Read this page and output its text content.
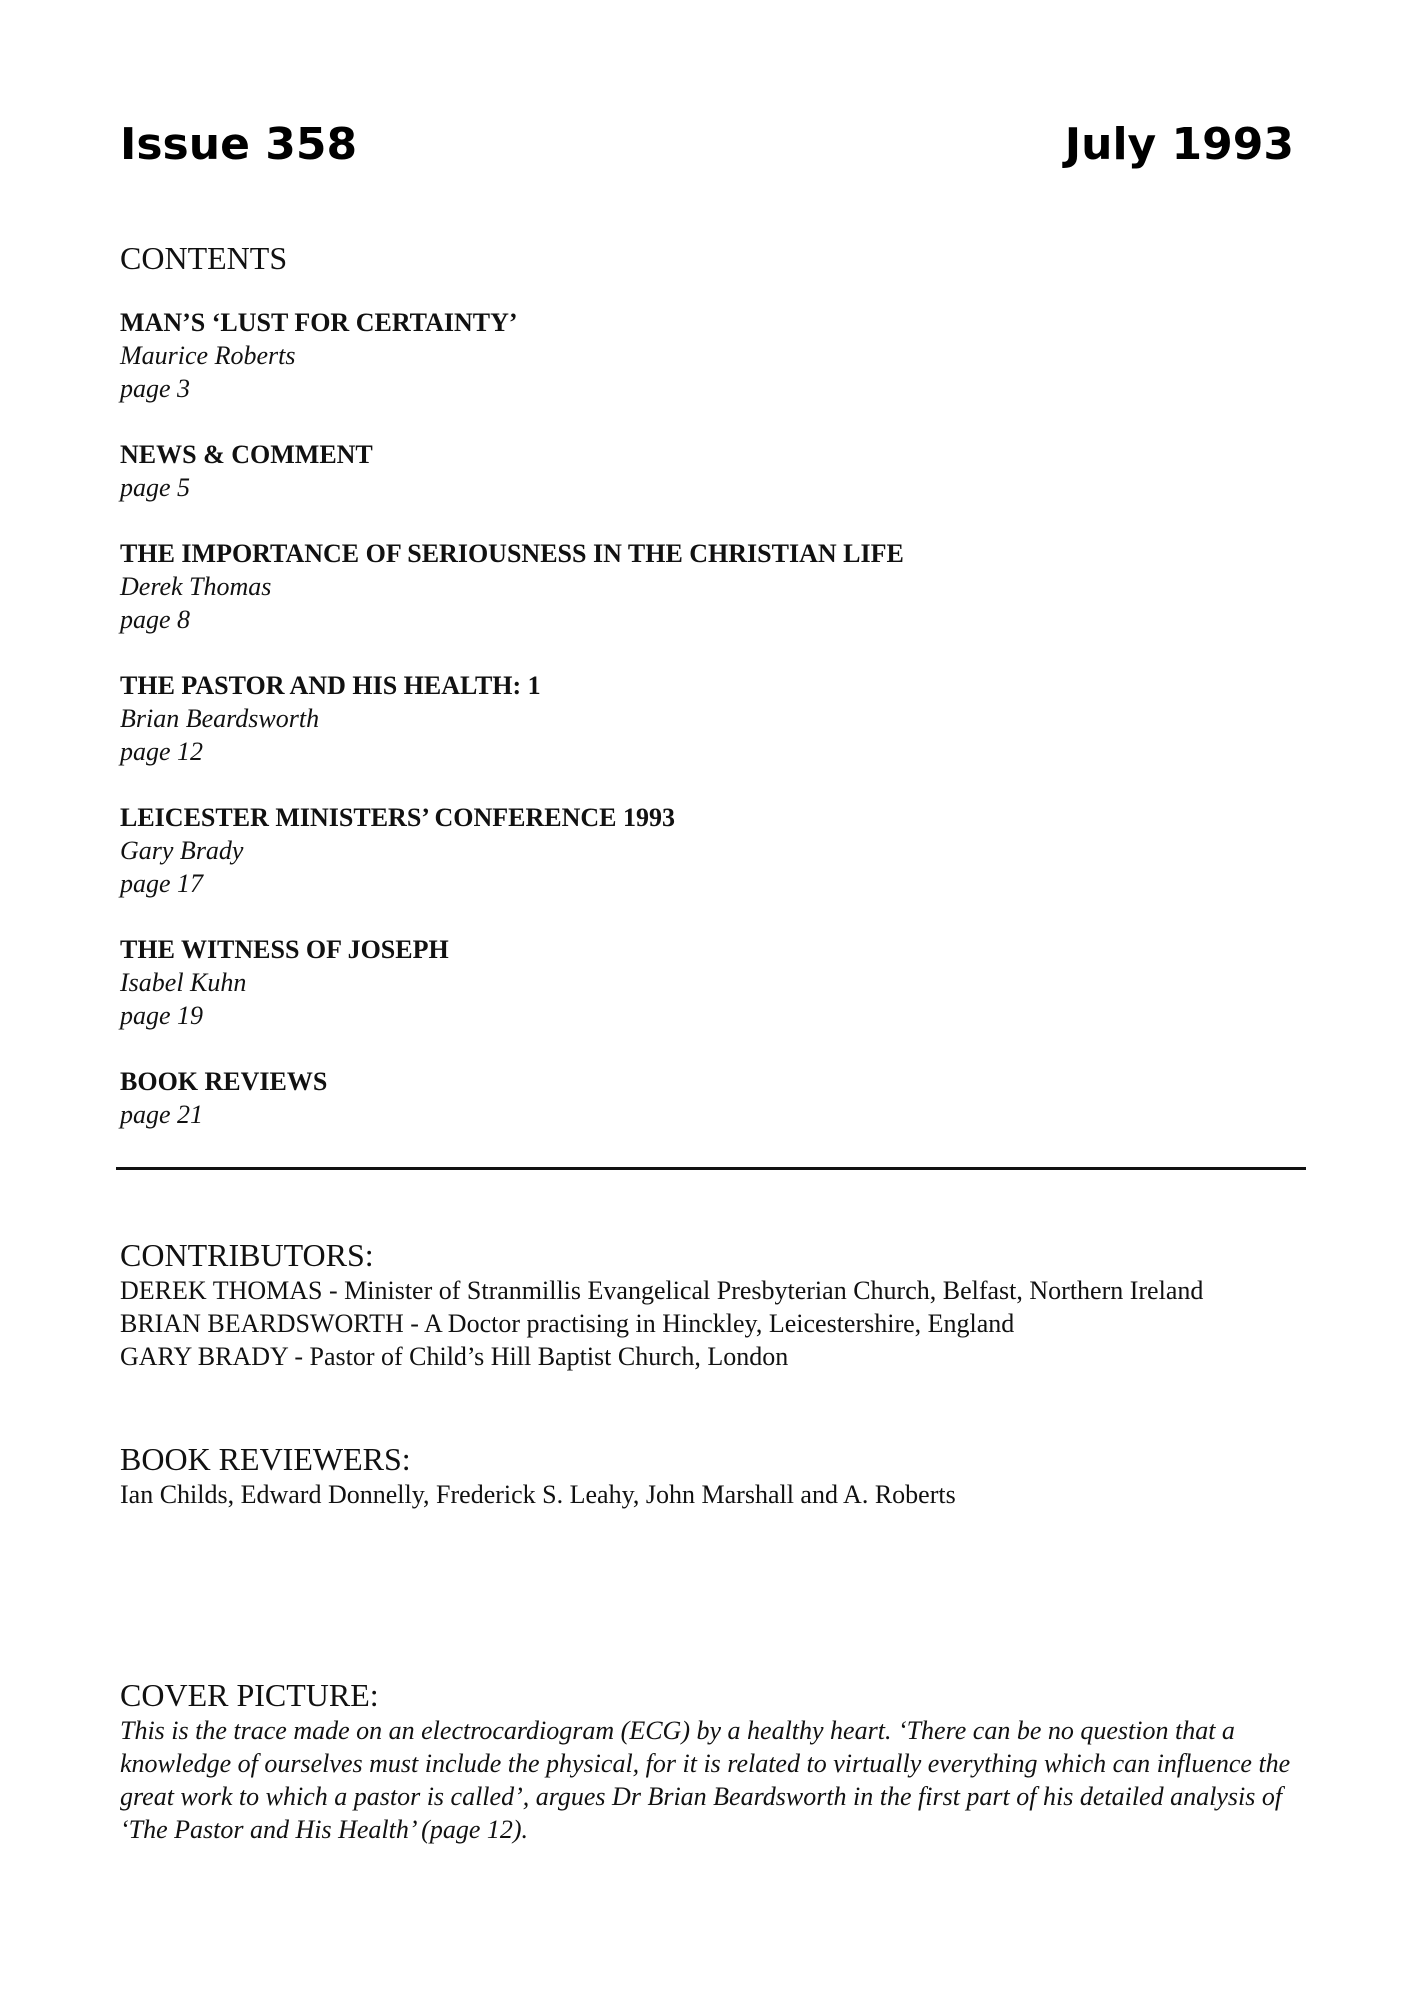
Issue 358	July 1993
CONTENTS
MAN’S ‘LUST FOR CERTAINTY’
Maurice Roberts
page 3
NEWS & COMMENT
page 5
THE IMPORTANCE OF SERIOUSNESS IN THE CHRISTIAN LIFE
Derek Thomas
page 8
THE PASTOR AND HIS HEALTH: 1
Brian Beardsworth
page 12
LEICESTER MINISTERS’ CONFERENCE 1993
Gary Brady
page 17
THE WITNESS OF JOSEPH
Isabel Kuhn
page 19
BOOK REVIEWS
page 21
CONTRIBUTORS:
DEREK THOMAS - Minister of Stranmillis Evangelical Presbyterian Church, Belfast, Northern Ireland
BRIAN BEARDSWORTH - A Doctor practising in Hinckley, Leicestershire, England
GARY BRADY - Pastor of Child’s Hill Baptist Church, London
BOOK REVIEWERS:
Ian Childs, Edward Donnelly, Frederick S. Leahy, John Marshall and A. Roberts
COVER PICTURE:
This is the trace made on an electrocardiogram (ECG) by a healthy heart. ‘There can be no question that a knowledge of ourselves must include the physical, for it is related to virtually everything which can influence the great work to which a pastor is called’, argues Dr Brian Beardsworth in the first part of his detailed analysis of ‘The Pastor and His Health’ (page 12).
